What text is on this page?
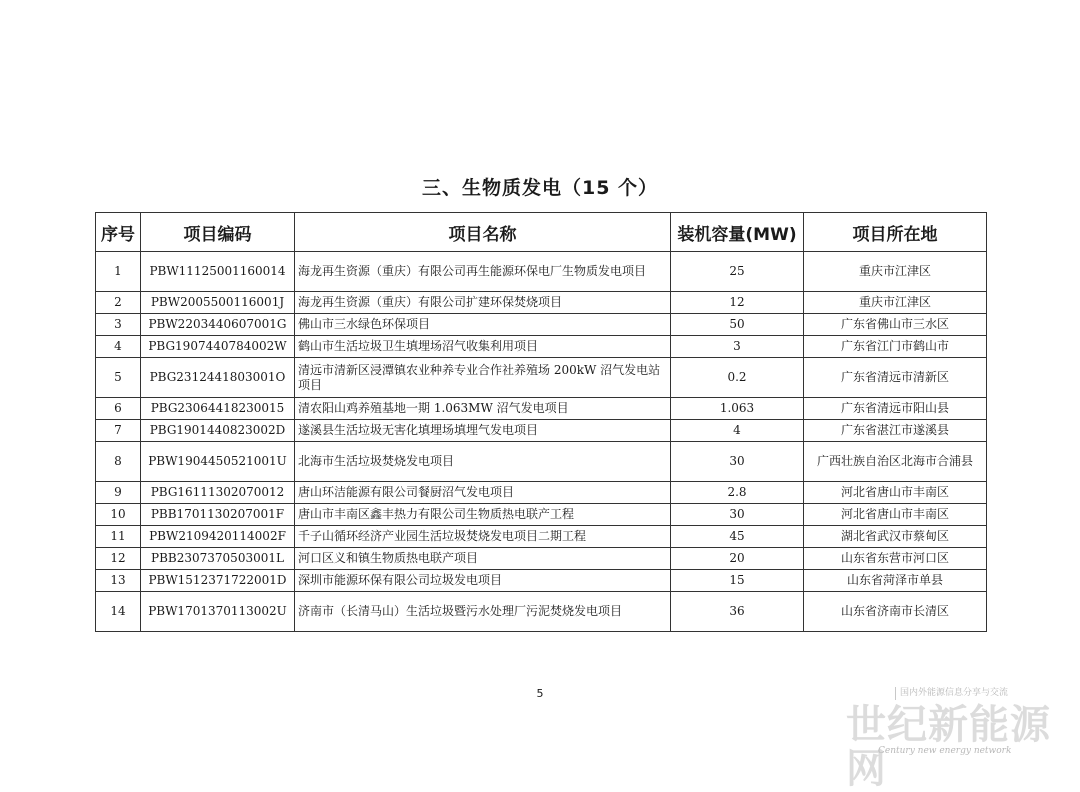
三、生物质发电（15 个）
序号	项目编码	项目名称	装机容量(MW)	项目所在地
1	PBW1112500116001​4	海龙再生资源（重庆）有限公司再生能源环保电厂生物质发电项目	25	重庆市江津区
2	PBW2005500116001J	海龙再生资源（重庆）有限公司扩建环保焚烧项目	12	重庆市江津区
3	PBW2203440607001G	佛山市三水绿色环保项目	50	广东省佛山市三水区
4	PBG1907440784002W	鹤山市生活垃圾卫生填埋场沼气收集利用项目	3	广东省江门市鹤山市
5	PBG2312441803001O	清远市清新区浸潭镇农业种养专业合作社养殖场 200kW 沼气发电站项目	0.2	广东省清远市清新区
6	PBG23064418230015	清农阳山鸡养殖基地一期 1.063MW 沼气发电项目	1.063	广东省清远市阳山县
7	PBG1901440823002D	遂溪县生活垃圾无害化填埋场填埋气发电项目	4	广东省湛江市遂溪县
8	PBW1904450521001U	北海市生活垃圾焚烧发电项目	30	广西壮族自治区北海市合浦县
9	PBG16111302070012	唐山环洁能源有限公司餐厨沼气发电项目	2.8	河北省唐山市丰南区
10	PBB1701130207001F	唐山市丰南区鑫丰热力有限公司生物质热电联产工程	30	河北省唐山市丰南区
11	PBW2109420114002F	千子山循环经济产业园生活垃圾焚烧发电项目二期工程	45	湖北省武汉市蔡甸区
12	PBB2307370503001L	河口区义和镇生物质热电联产项目	20	山东省东营市河口区
13	PBW1512371722001D	深圳市能源环保有限公司垃圾发电项目	15	山东省菏泽市单县
14	PBW1701370113002U	济南市（长清马山）生活垃圾暨污水处理厂污泥焚烧发电项目	36	山东省济南市长清区
5	国内外能源信息分享与交流
世纪新能源网
Century new energy network
